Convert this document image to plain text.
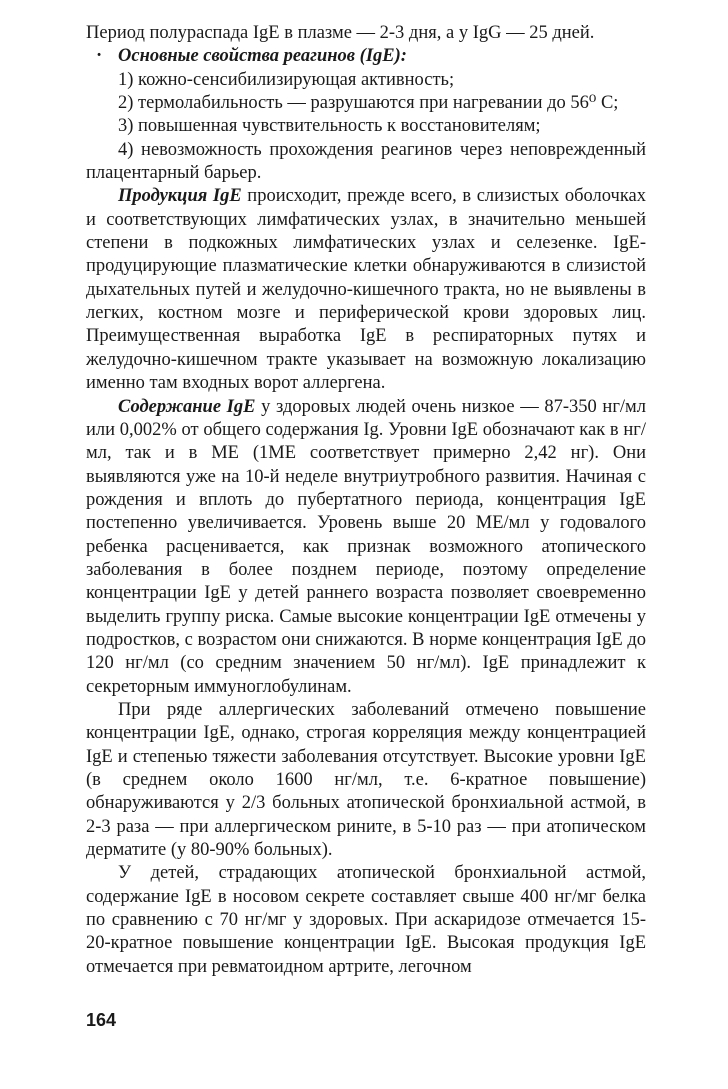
Период полураспада IgE в плазме — 2-3 дня, а у IgG — 25 дней.

· Основные свойства реагинов (IgE):

1) кожно-сенсибилизирующая активность;

2) термолабильность — разрушаются при нагревании до 56⁰ С;

3) повышенная чувствительность к восстановителям;

4) невозможность прохождения реагинов через неповрежденный плацентарный барьер.

Продукция IgE происходит, прежде всего, в слизистых оболочках и соответствующих лимфатических узлах, в значительно меньшей степени в подкожных лимфатических узлах и селезенке. IgE-продуцирующие плазматические клетки обнаруживаются в слизистой дыхательных путей и желудочно-кишечного тракта, но не выявлены в легких, костном мозге и периферической крови здоровых лиц. Преимущественная выработка IgE в респираторных путях и желудочно-кишечном тракте указывает на возможную локализацию именно там входных ворот аллергена.

Содержание IgE у здоровых людей очень низкое — 87-350 нг/мл или 0,002% от общего содержания Ig. Уровни IgE обозначают как в нг/мл, так и в МЕ (1МЕ соответствует примерно 2,42 нг). Они выявляются уже на 10-й неделе внутриутробного развития. Начиная с рождения и вплоть до пубертатного периода, концентрация IgE постепенно увеличивается. Уровень выше 20 МЕ/мл у годовалого ребенка расценивается, как признак возможного атопического заболевания в более позднем периоде, поэтому определение концентрации IgE у детей раннего возраста позволяет своевременно выделить группу риска. Самые высокие концентрации IgE отмечены у подростков, с возрастом они снижаются. В норме концентрация IgE до 120 нг/мл (со средним значением 50 нг/мл). IgE принадлежит к секреторным иммуноглобулинам.

При ряде аллергических заболеваний отмечено повышение концентрации IgE, однако, строгая корреляция между концентрацией IgE и степенью тяжести заболевания отсутствует. Высокие уровни IgE (в среднем около 1600 нг/мл, т.е. 6-кратное повышение) обнаруживаются у 2/3 больных атопической бронхиальной астмой, в 2-3 раза — при аллергическом рините, в 5-10 раз — при атопическом дерматите (у 80-90% больных).

У детей, страдающих атопической бронхиальной астмой, содержание IgE в носовом секрете составляет свыше 400 нг/мг белка по сравнению с 70 нг/мг у здоровых. При аскаридозе отмечается 15-20-кратное повышение концентрации IgE. Высокая продукция IgE отмечается при ревматоидном артрите, легочном

164
